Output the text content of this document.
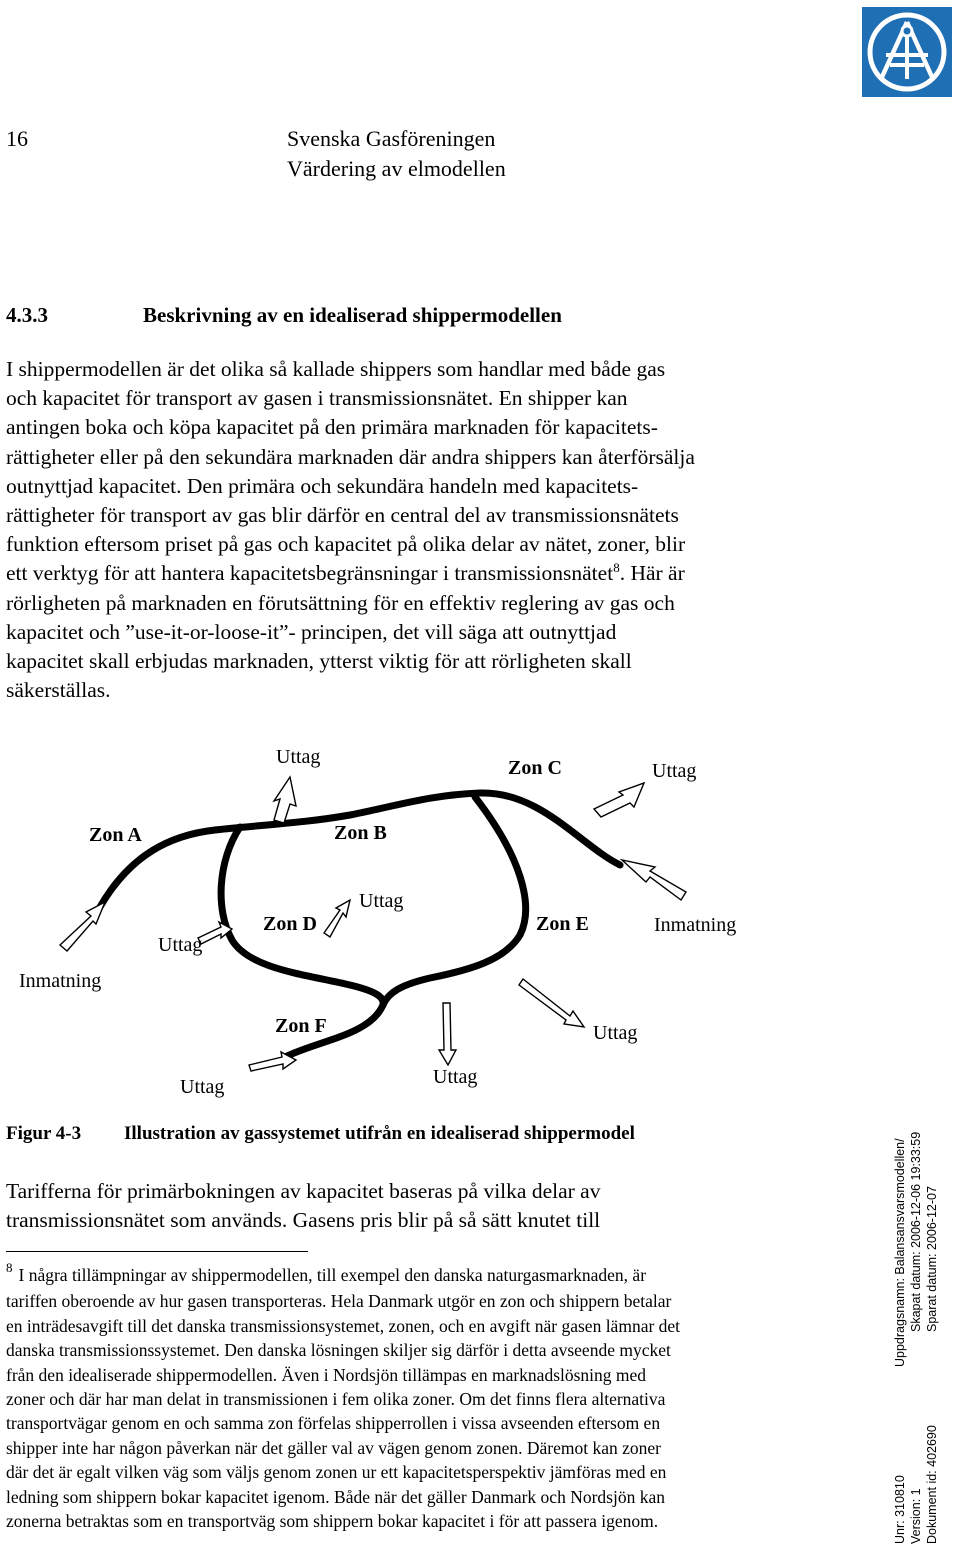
16	Svenska Gasföreningen
Värdering av elmodellen
4.3.3	Beskrivning av en idealiserad shippermodellen
I shippermodellen är det olika så kallade shippers som handlar med både gas
och kapacitet för transport av gasen i transmissionsnätet. En shipper kan
antingen boka och köpa kapacitet på den primära marknaden för kapacitets-
rättigheter eller på den sekundära marknaden där andra shippers kan återförsälja
outnyttjad kapacitet. Den primära och sekundära handeln med kapacitets-
rättigheter för transport av gas blir därför en central del av transmissionsnätets
funktion eftersom priset på gas och kapacitet på olika delar av nätet, zoner, blir
ett verktyg för att hantera kapacitetsbegränsningar i transmissionsnätet$^8$. Här är
rörligheten på marknaden en förutsättning för en effektiv reglering av gas och
kapacitet och ”use-it-or-loose-it”- principen, det vill säga att outnyttjad
kapacitet skall erbjudas marknaden, ytterst viktig för att rörligheten skall
säkerställas.
Uttag	Zon C	Uttag
Zon A	Zon B
Uttag
Zon D	Zon E	Inmatning
Uttag
Inmatning
Zon F	Uttag
Uttag
Uttag
Figur 4-3 Illustration av gassystemet utifrån en idealiserad shippermodel
Tarifferna för primärbokningen av kapacitet baseras på vilka delar av
transmissionsnätet som används. Gasens pris blir på så sätt knutet till
$^8$ I några tillämpningar av shippermodellen, till exempel den danska naturgasmarknaden, är
tariffen oberoende av hur gasen transporteras. Hela Danmark utgör en zon och shippern betalar
en inträdesavgift till det danska transmissionsystemet, zonen, och en avgift när gasen lämnar det
danska transmissionssystemet. Den danska lösningen skiljer sig därför i detta avseende mycket
från den idealiserade shippermodellen. Även i Nordsjön tillämpas en marknadslösning med
zoner och där har man delat in transmissionen i fem olika zoner. Om det finns flera alternativa
transportvägar genom en och samma zon förfelas shipperrollen i vissa avseenden eftersom en
shipper inte har någon påverkan när det gäller val av vägen genom zonen. Däremot kan zoner
där det är egalt vilken väg som väljs genom zonen ur ett kapacitetsperspektiv jämföras med en
ledning som shippern bokar kapacitet igenom. Både när det gäller Danmark och Nordsjön kan
zonerna betraktas som en transportväg som shippern bokar kapacitet i för att passera igenom.
Uppdragsnamn: Balansansvarsmodellen/ Skapat datum: 2006-12-06 19:33:59 Sparat datum: 2006-12-07
Unr: 310810 Version: 1 Dokument id: 402690
